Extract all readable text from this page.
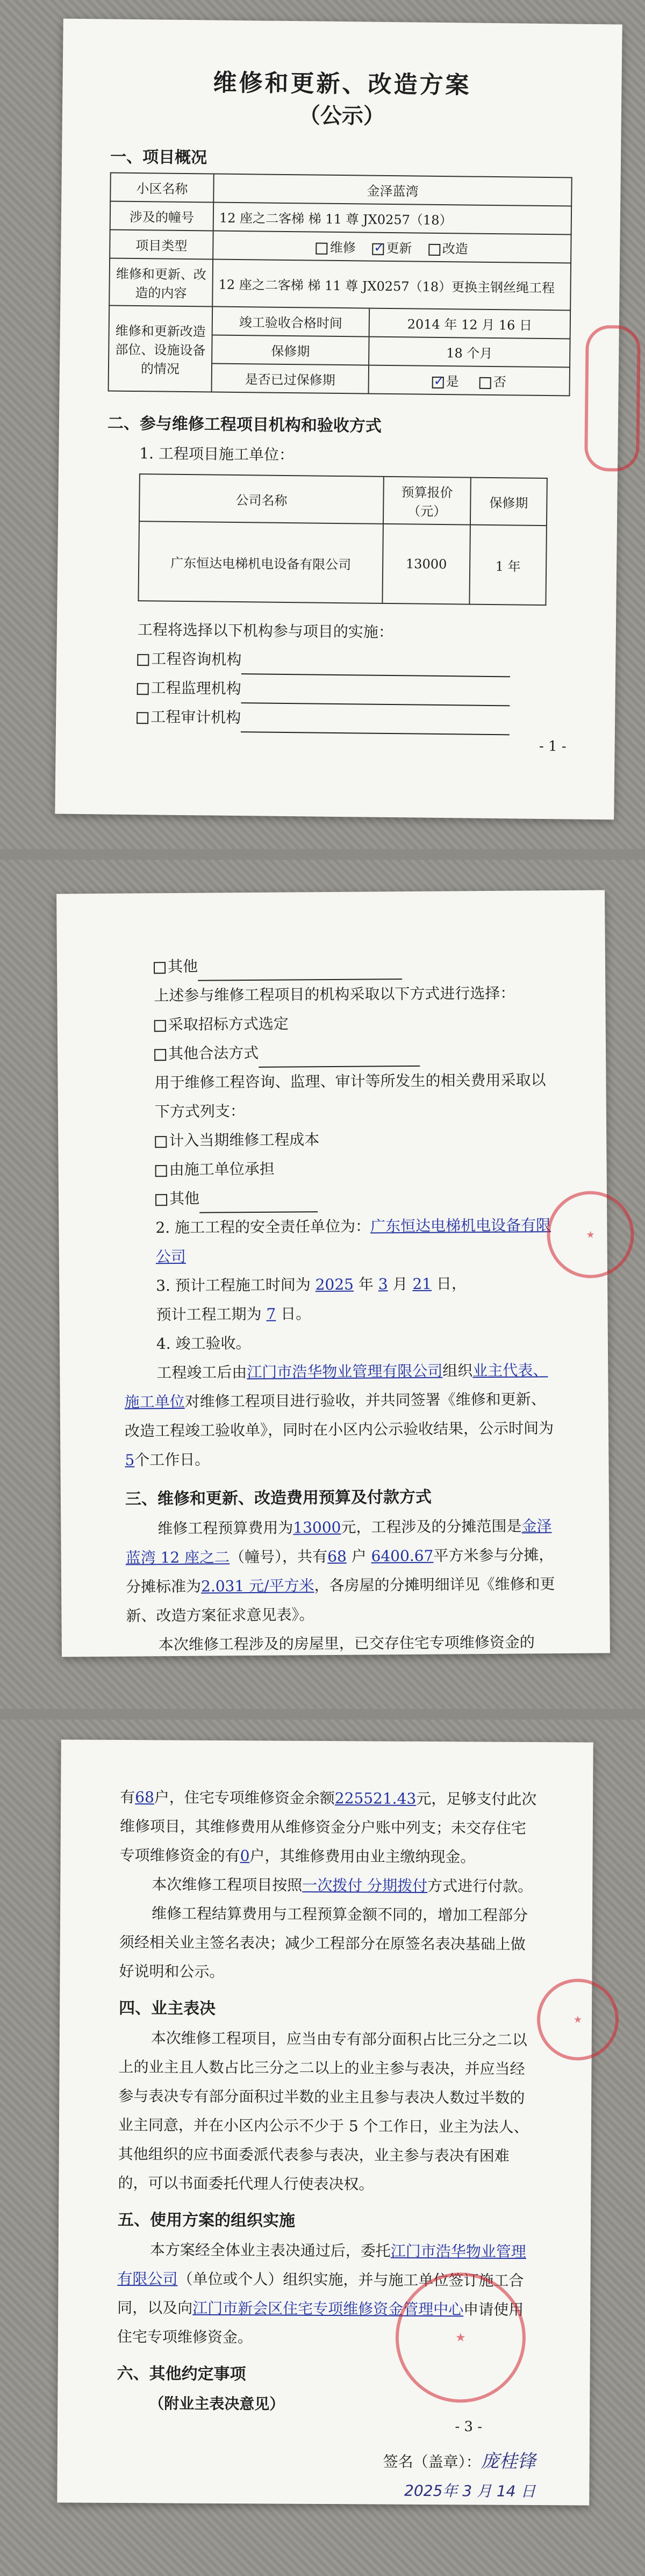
维修和更新、改造方案
（公示）
一、项目概况
小区名称	金泽蓝湾	
涉及的幢号	12 座之二客梯 梯 11 尊 JX0257（18）	
项目类型	维修 ✓ 更新 改造
维修和更新、改造的内容	12 座之二客梯 梯 11 尊 JX0257（18）更换主钢丝绳工程	
维修和更新改造部位、设施设备的情况	竣工验收合格时间	2014 年 12 月 16 日
	保修期	18 个月
	是否已过保修期	✓是 否
二、参与维修工程项目机构和验收方式
1. 工程项目施工单位：
公司名称	预算报价（元）	保修期
广东恒达电梯机电设备有限公司	13000	1 年
工程将选择以下机构参与项目的实施：
工程咨询机构
工程监理机构
工程审计机构
- 1 -
其他
上述参与维修工程项目的机构采取以下方式进行选择：
采取招标方式选定
其他合法方式
用于维修工程咨询、监理、审计等所发生的相关费用采取以下方式列支：
计入当期维修工程成本
由施工单位承担
其他
2. 施工工程的安全责任单位为：广东恒达电梯机电设备有限公司
3. 预计工程施工时间为 2025 年 3 月 21 日，
预计工程工期为 7 日。
4. 竣工验收。
工程竣工后由江门市浩华物业管理有限公司组织业主代表、施工单位对维修工程项目进行验收，并共同签署《维修和更新、改造工程竣工验收单》，同时在小区内公示验收结果，公示时间为5个工作日。
三、维修和更新、改造费用预算及付款方式
维修工程预算费用为13000元，工程涉及的分摊范围是金泽蓝湾 12 座之二（幢号），共有68 户 6400.67平方米参与分摊，分摊标准为2.031 元/平方米，各房屋的分摊明细详见《维修和更新、改造方案征求意见表》。
本次维修工程涉及的房屋里，已交存住宅专项维修资金的
★
有68户，住宅专项维修资金余额225521.43元，足够支付此次维修项目，其维修费用从维修资金分户账中列支；未交存住宅专项维修资金的有0户，其维修费用由业主缴纳现金。
本次维修工程项目按照一次拨付 分期拨付方式进行付款。
维修工程结算费用与工程预算金额不同的，增加工程部分须经相关业主签名表决；减少工程部分在原签名表决基础上做好说明和公示。
四、业主表决
本次维修工程项目，应当由专有部分面积占比三分之二以上的业主且人数占比三分之二以上的业主参与表决，并应当经参与表决专有部分面积过半数的业主且参与表决人数过半数的业主同意，并在小区内公示不少于 5 个工作日，业主为法人、其他组织的应书面委派代表参与表决，业主参与表决有困难的，可以书面委托代理人行使表决权。
五、使用方案的组织实施
本方案经全体业主表决通过后，委托江门市浩华物业管理有限公司（单位或个人）组织实施，并与施工单位签订施工合同，以及向江门市新会区住宅专项维修资金管理中心申请使用住宅专项维修资金。
六、其他约定事项
（附业主表决意见）
签名（盖章）：庞桂锋
2025年 3 月 14 日
- 3 -
★
★
